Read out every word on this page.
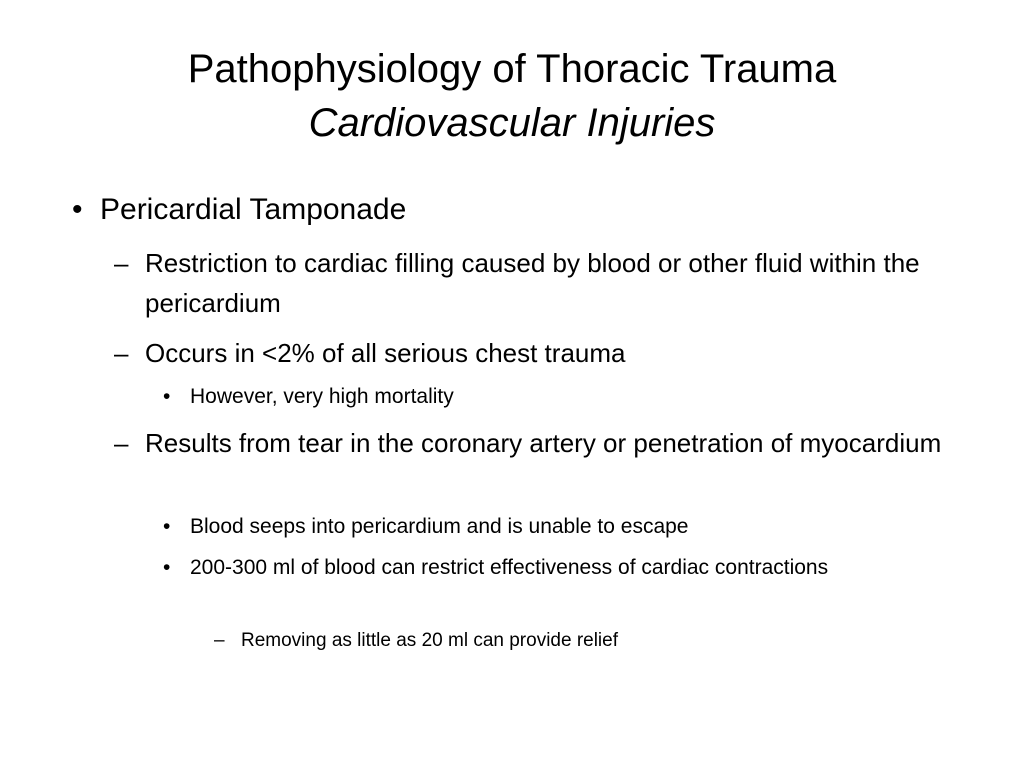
Pathophysiology of Thoracic Trauma
Cardiovascular Injuries
• Pericardial Tamponade
– Restriction to cardiac filling caused by blood or other fluid within the pericardium
– Occurs in <2% of all serious chest trauma
• However, very high mortality
– Results from tear in the coronary artery or penetration of myocardium
• Blood seeps into pericardium and is unable to escape
• 200-300 ml of blood can restrict effectiveness of cardiac contractions
– Removing as little as 20 ml can provide relief
